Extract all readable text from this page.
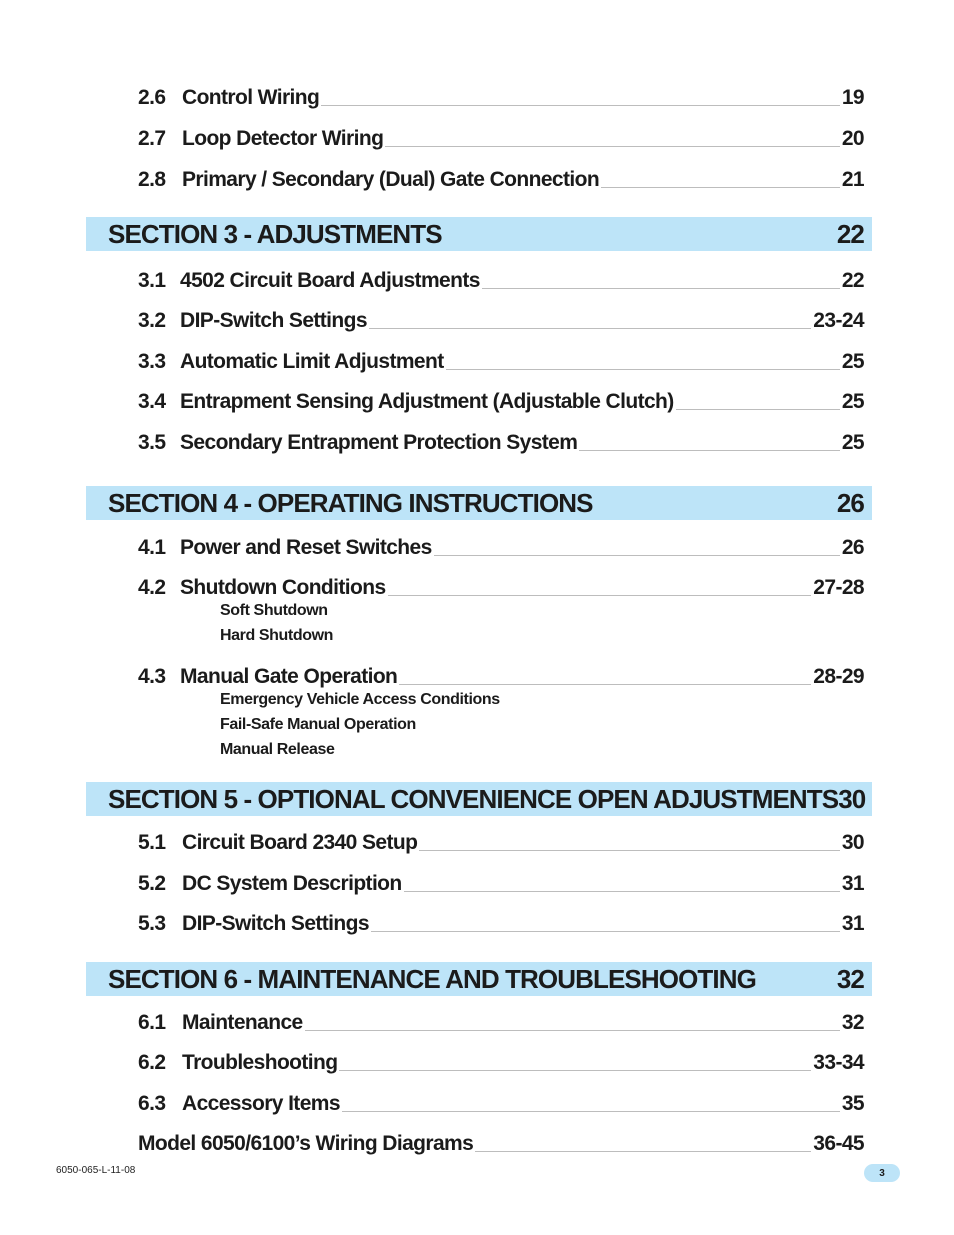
2.6 Control Wiring	19
2.7 Loop Detector Wiring	20
2.8 Primary / Secondary (Dual) Gate Connection	21
SECTION 3 - ADJUSTMENTS	22
3.1 4502 Circuit Board Adjustments	22
3.2 DIP-Switch Settings	23-24
3.3 Automatic Limit Adjustment	25
3.4 Entrapment Sensing Adjustment (Adjustable Clutch)	25
3.5 Secondary Entrapment Protection System	25
SECTION 4 - OPERATING INSTRUCTIONS	26
4.1 Power and Reset Switches	26
4.2 Shutdown Conditions	27-28
Soft Shutdown
Hard Shutdown
4.3 Manual Gate Operation	28-29
Emergency Vehicle Access Conditions
Fail-Safe Manual Operation
Manual Release
SECTION 5 - OPTIONAL CONVENIENCE OPEN ADJUSTMENTS 30
5.1 Circuit Board 2340 Setup	30
5.2 DC System Description	31
5.3 DIP-Switch Settings	31
SECTION 6 - MAINTENANCE AND TROUBLESHOOTING	32
6.1 Maintenance	32
6.2 Troubleshooting	33-34
6.3 Accessory Items	35
Model 6050/6100’s Wiring Diagrams	36-45
6050-065-L-11-08	3
